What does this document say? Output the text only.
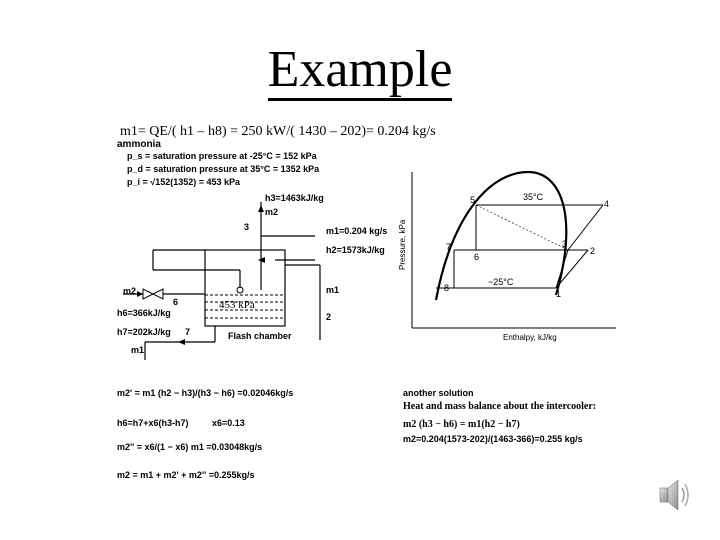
Example
m1= QE/( h1 – h8) = 250 kW/( 1430 – 202)= 0.204 kg/s
ammonia
p_s = saturation pressure at -25°C = 152 kPa
p_d = saturation pressure at 35°C = 1352 kPa
p_i = √152(1352) = 453 kPa
h3=1463kJ/kg
m2
3	m1=0.204 kg/s
h2=1573kJ/kg
m2
6	453 kPa
m1
h6=366kJ/kg	2
h7=202kJ/kg 7	Flash chamber
m1
Pressure, kPa
Enthalpy, kJ/kg
35°C
−25°C
1
2
3
4
5
6
7
8
m2' = m1 (h2 − h3)/(h3 − h6) =0.02046kg/s
h6=h7+x6(h3-h7)	x6=0.13
m2'' = x6/(1 − x6) m1 =0.03048kg/s
m2 = m1 + m2' + m2'' =0.255kg/s
another solution
Heat and mass balance about the intercooler:
m2 (h3 − h6) = m1(h2 − h7)
m2=0.204(1573-202)/(1463-366)=0.255 kg/s
